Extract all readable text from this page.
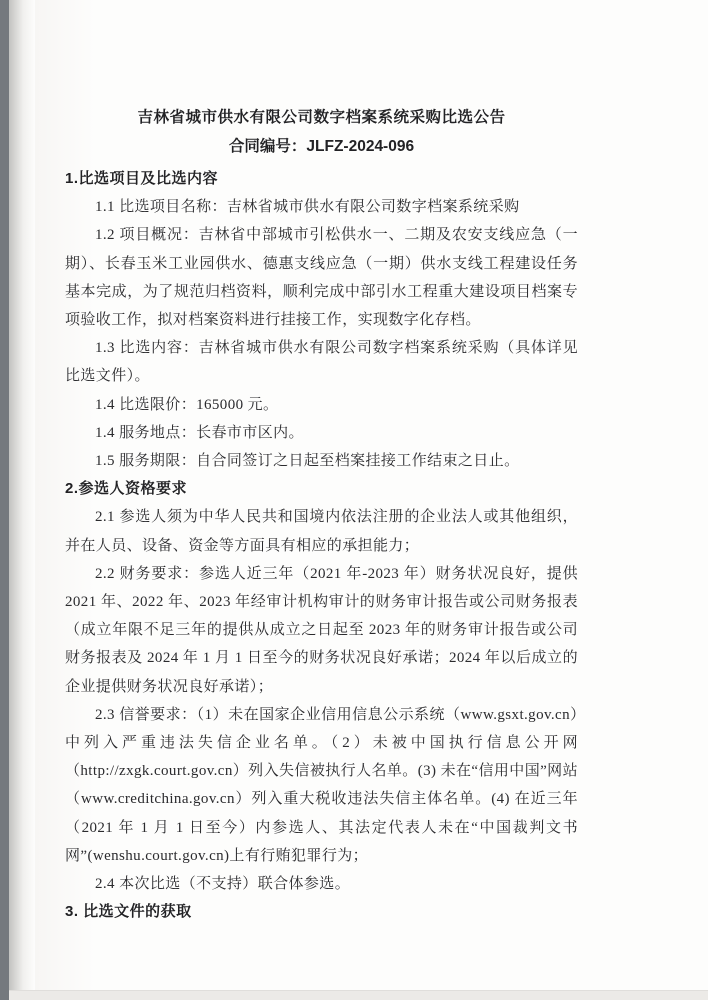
吉林省城市供水有限公司数字档案系统采购比选公告
合同编号：JLFZ-2024-096
1.比选项目及比选内容

1.1 比选项目名称：吉林省城市供水有限公司数字档案系统采购

1.2 项目概况：吉林省中部城市引松供水一、二期及农安支线应急（一期）、长春玉米工业园供水、德惠支线应急（一期）供水支线工程建设任务基本完成，为了规范归档资料，顺利完成中部引水工程重大建设项目档案专项验收工作，拟对档案资料进行挂接工作，实现数字化存档。

1.3 比选内容：吉林省城市供水有限公司数字档案系统采购（具体详见比选文件）。

1.4 比选限价：165000 元。

1.4 服务地点：长春市市区内。

1.5 服务期限：自合同签订之日起至档案挂接工作结束之日止。

2.参选人资格要求

2.1 参选人须为中华人民共和国境内依法注册的企业法人或其他组织，并在人员、设备、资金等方面具有相应的承担能力；

2.2 财务要求：参选人近三年（2021 年-2023 年）财务状况良好，提供 2021 年、2022 年、2023 年经审计机构审计的财务审计报告或公司财务报表（成立年限不足三年的提供从成立之日起至 2023 年的财务审计报告或公司财务报表及 2024 年 1 月 1 日至今的财务状况良好承诺；2024 年以后成立的企业提供财务状况良好承诺）；

2.3 信誉要求：（1）未在国家企业信用信息公示系统（www.gsxt.gov.cn）中列入严重违法失信企业名单。（2）未被中国执行信息公开网（http://zxgk.court.gov.cn）列入失信被执行人名单。(3) 未在“信用中国”网站（www.creditchina.gov.cn）列入重大税收违法失信主体名单。(4) 在近三年（2021 年 1 月 1 日至今）内参选人、其法定代表人未在“中国裁判文书网”(wenshu.court.gov.cn)上有行贿犯罪行为；

2.4 本次比选（不支持）联合体参选。

3. 比选文件的获取
